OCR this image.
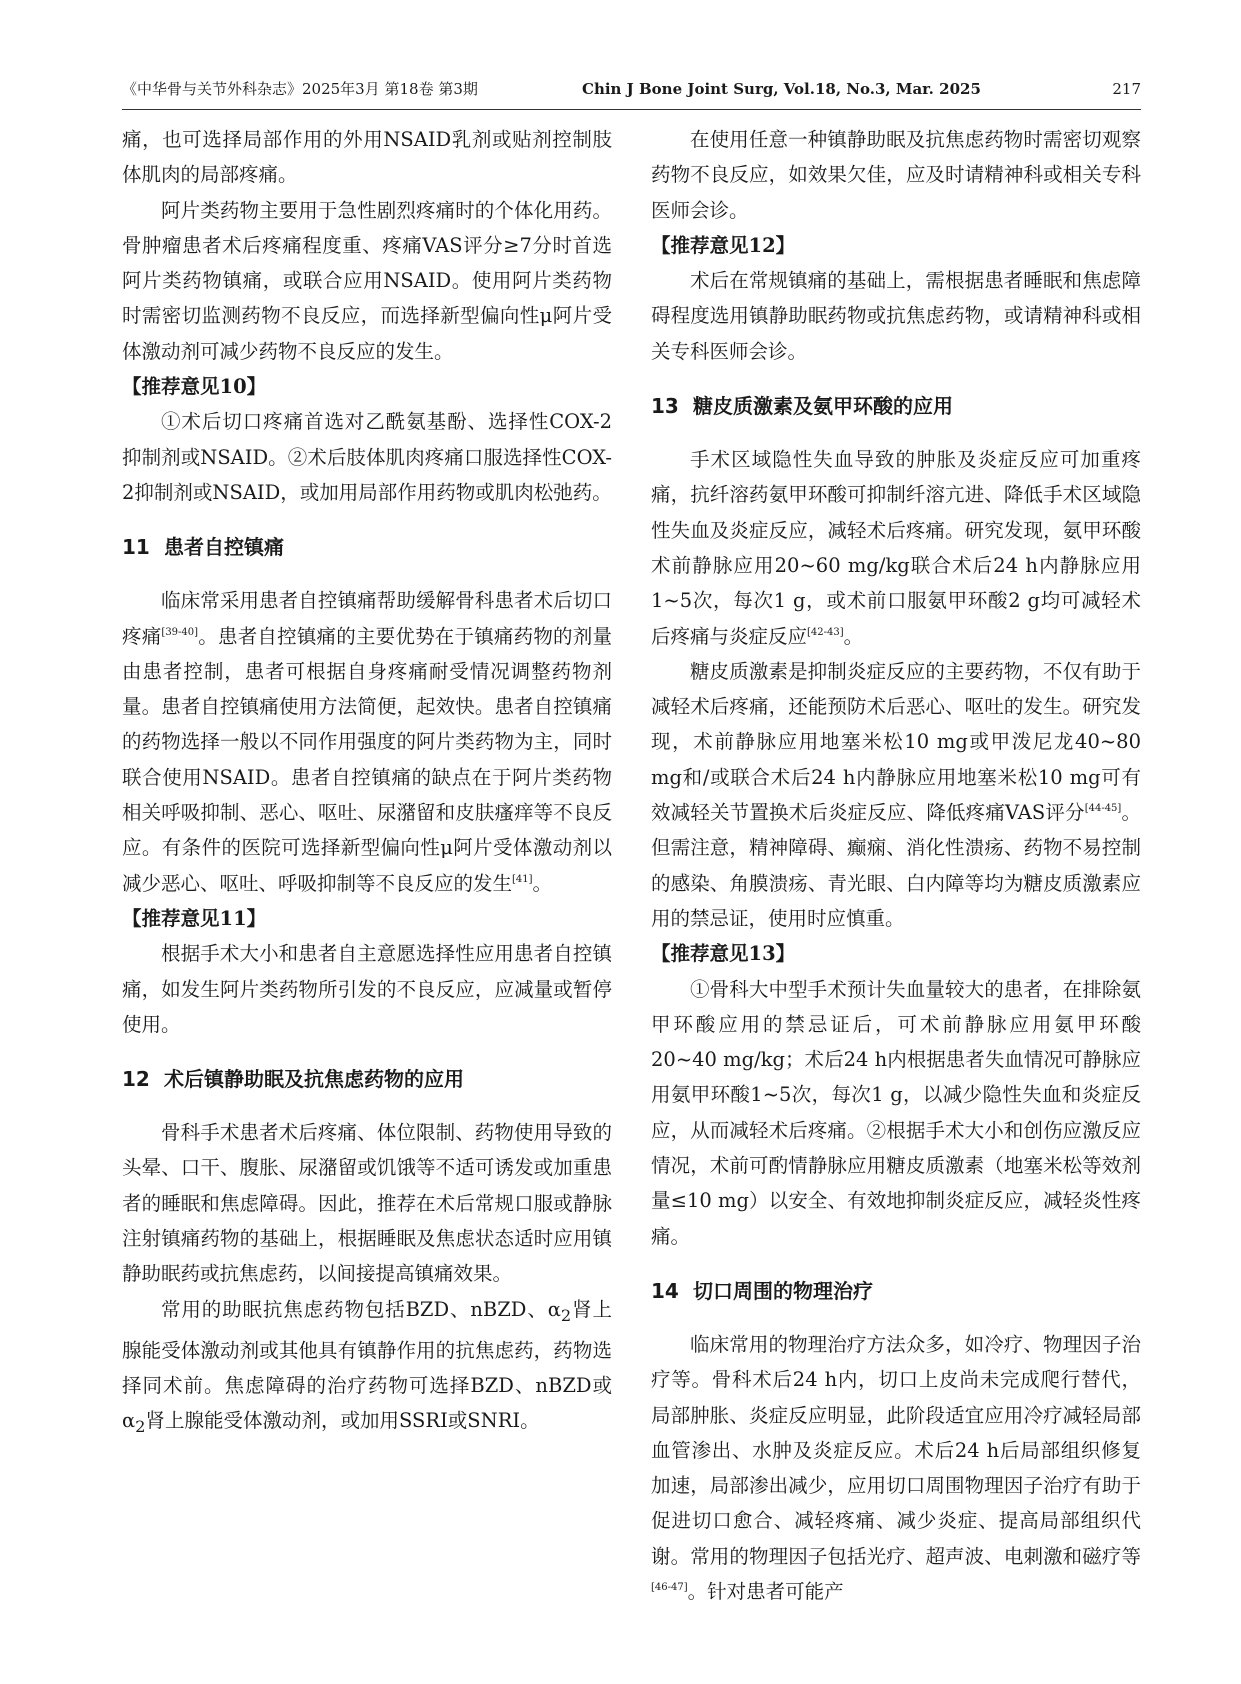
《中华骨与关节外科杂志》2025年3月 第18卷 第3期	Chin J Bone Joint Surg, Vol.18, No.3, Mar. 2025	217

痛，也可选择局部作用的外用NSAID乳剂或贴剂控制肢体肌肉的局部疼痛。

阿片类药物主要用于急性剧烈疼痛时的个体化用药。骨肿瘤患者术后疼痛程度重、疼痛VAS评分≥7分时首选阿片类药物镇痛，或联合应用NSAID。使用阿片类药物时需密切监测药物不良反应，而选择新型偏向性μ阿片受体激动剂可减少药物不良反应的发生。

【推荐意见10】

①术后切口疼痛首选对乙酰氨基酚、选择性COX-2抑制剂或NSAID。②术后肢体肌肉疼痛口服选择性COX-2抑制剂或NSAID，或加用局部作用药物或肌肉松弛药。

11 患者自控镇痛

临床常采用患者自控镇痛帮助缓解骨科患者术后切口疼痛[39-40]。患者自控镇痛的主要优势在于镇痛药物的剂量由患者控制，患者可根据自身疼痛耐受情况调整药物剂量。患者自控镇痛使用方法简便，起效快。患者自控镇痛的药物选择一般以不同作用强度的阿片类药物为主，同时联合使用NSAID。患者自控镇痛的缺点在于阿片类药物相关呼吸抑制、恶心、呕吐、尿潴留和皮肤瘙痒等不良反应。有条件的医院可选择新型偏向性μ阿片受体激动剂以减少恶心、呕吐、呼吸抑制等不良反应的发生[41]。

【推荐意见11】

根据手术大小和患者自主意愿选择性应用患者自控镇痛，如发生阿片类药物所引发的不良反应，应减量或暂停使用。

12 术后镇静助眠及抗焦虑药物的应用

骨科手术患者术后疼痛、体位限制、药物使用导致的头晕、口干、腹胀、尿潴留或饥饿等不适可诱发或加重患者的睡眠和焦虑障碍。因此，推荐在术后常规口服或静脉注射镇痛药物的基础上，根据睡眠及焦虑状态适时应用镇静助眠药或抗焦虑药，以间接提高镇痛效果。

常用的助眠抗焦虑药物包括BZD、nBZD、$\alpha_2$肾上腺能受体激动剂或其他具有镇静作用的抗焦虑药，药物选择同术前。焦虑障碍的治疗药物可选择BZD、nBZD或$\alpha_2$肾上腺能受体激动剂，或加用SSRI或SNRI。

在使用任意一种镇静助眠及抗焦虑药物时需密切观察药物不良反应，如效果欠佳，应及时请精神科或相关专科医师会诊。

【推荐意见12】

术后在常规镇痛的基础上，需根据患者睡眠和焦虑障碍程度选用镇静助眠药物或抗焦虑药物，或请精神科或相关专科医师会诊。

13 糖皮质激素及氨甲环酸的应用

手术区域隐性失血导致的肿胀及炎症反应可加重疼痛，抗纤溶药氨甲环酸可抑制纤溶亢进、降低手术区域隐性失血及炎症反应，减轻术后疼痛。研究发现，氨甲环酸术前静脉应用20~60 mg/kg联合术后24 h内静脉应用1~5次，每次1 g，或术前口服氨甲环酸2 g均可减轻术后疼痛与炎症反应[42-43]。

糖皮质激素是抑制炎症反应的主要药物，不仅有助于减轻术后疼痛，还能预防术后恶心、呕吐的发生。研究发现，术前静脉应用地塞米松10 mg或甲泼尼龙40~80 mg和/或联合术后24 h内静脉应用地塞米松10 mg可有效减轻关节置换术后炎症反应、降低疼痛VAS评分[44-45]。但需注意，精神障碍、癫痫、消化性溃疡、药物不易控制的感染、角膜溃疡、青光眼、白内障等均为糖皮质激素应用的禁忌证，使用时应慎重。

【推荐意见13】

①骨科大中型手术预计失血量较大的患者，在排除氨甲环酸应用的禁忌证后，可术前静脉应用氨甲环酸20~40 mg/kg；术后24 h内根据患者失血情况可静脉应用氨甲环酸1~5次，每次1 g，以减少隐性失血和炎症反应，从而减轻术后疼痛。②根据手术大小和创伤应激反应情况，术前可酌情静脉应用糖皮质激素（地塞米松等效剂量≤10 mg）以安全、有效地抑制炎症反应，减轻炎性疼痛。

14 切口周围的物理治疗

临床常用的物理治疗方法众多，如冷疗、物理因子治疗等。骨科术后24 h内，切口上皮尚未完成爬行替代，局部肿胀、炎症反应明显，此阶段适宜应用冷疗减轻局部血管渗出、水肿及炎症反应。术后24 h后局部组织修复加速，局部渗出减少，应用切口周围物理因子治疗有助于促进切口愈合、减轻疼痛、减少炎症、提高局部组织代谢。常用的物理因子包括光疗、超声波、电刺激和磁疗等[46-47]。针对患者可能产
